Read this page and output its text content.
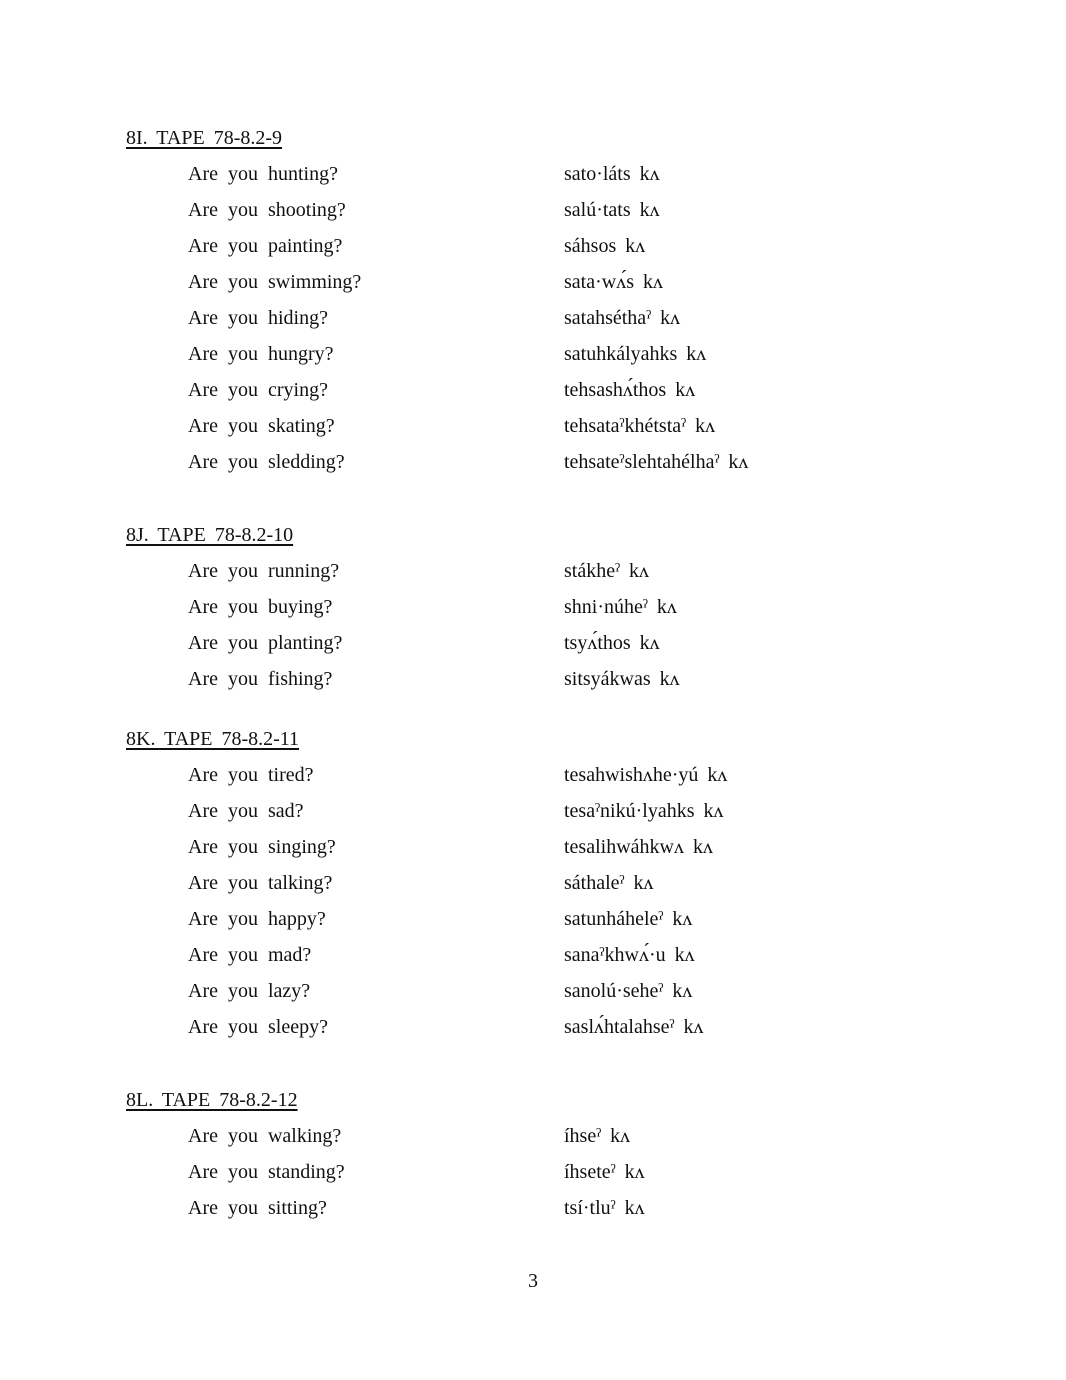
8I. TAPE 78-8.2-9
Are you hunting?	sato·láts kʌ
Are you shooting?	salú·tats kʌ
Are you painting?	sáhsos kʌ
Are you swimming?	sata·wʌ́s kʌ
Are you hiding?	satahséthaˀ kʌ
Are you hungry?	satuhkályahks kʌ
Are you crying?	tehsashʌ́thos kʌ
Are you skating?	tehsataˀkhétstaˀ kʌ
Are you sledding?	tehsateˀslehtahélhaˀ kʌ
8J. TAPE 78-8.2-10
Are you running?	stákheˀ kʌ
Are you buying?	shni·núheˀ kʌ
Are you planting?	tsyʌ́thos kʌ
Are you fishing?	sitsyákwas kʌ
8K. TAPE 78-8.2-11
Are you tired?	tesahwishʌhe·yú kʌ
Are you sad?	tesaˀnikú·lyahks kʌ
Are you singing?	tesalihwáhkwʌ kʌ
Are you talking?	sáthaleˀ kʌ
Are you happy?	satunháheleˀ kʌ
Are you mad?	sanaˀkhwʌ́·u kʌ
Are you lazy?	sanolú·seheˀ kʌ
Are you sleepy?	saslʌ́htalahseˀ kʌ
8L. TAPE 78-8.2-12
Are you walking?	íhseˀ kʌ
Are you standing?	íhseteˀ kʌ
Are you sitting?	tsí·tluˀ kʌ
3
